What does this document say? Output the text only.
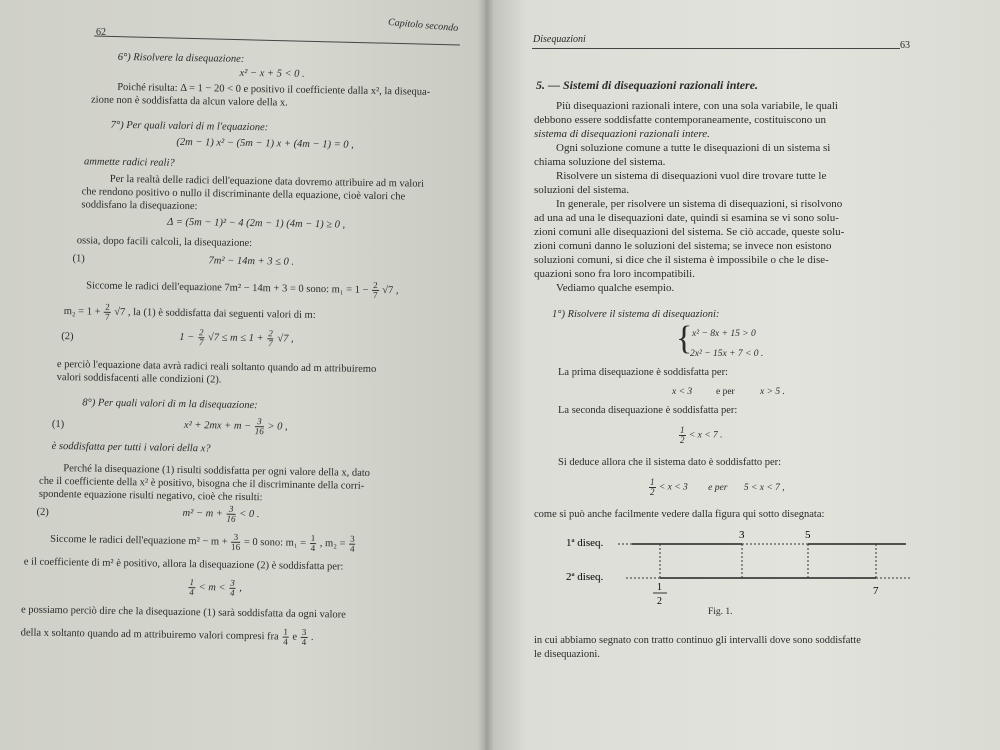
62	Capitolo secondo
6°) Risolvere la disequazione:
x² − x + 5 < 0 .
Poiché risulta: Δ = 1 − 20 < 0 e positivo il coefficiente dalla x², la disequa-
zione non è soddisfatta da alcun valore della x.
7°) Per quali valori di m l'equazione:
(2m − 1) x² − (5m − 1) x + (4m − 1) = 0 ,
ammette radici reali?
Per la realtà delle radici dell'equazione data dovremo attribuire ad m valori
che rendono positivo o nullo il discriminante della equazione, cioè valori che
soddisfano la disequazione:
Δ = (5m − 1)² − 4 (2m − 1) (4m − 1) ≥ 0 ,
ossia, dopo facili calcoli, la disequazione:
(1)	7m² − 14m + 3 ≤ 0 .
Siccome le radici dell'equazione 7m² − 14m + 3 = 0 sono: $m_1 = 1 - \frac{2}{7} √7$ ,
$m_2 = 1 + \frac{2}{7} √7$ , la (1) è soddisfatta dai seguenti valori di m:
(2)	$1 - \frac{2}{7} √7 \le m \le 1 + \frac{2}{7} √7$ ,
e perciò l'equazione data avrà radici reali soltanto quando ad m attribuiremo
valori soddisfacenti alle condizioni (2).
8°) Per quali valori di m la disequazione:
(1)	$x^2 + 2mx + m - \frac{3}{16} > 0$ ,
è soddisfatta per tutti i valori della x?
Perché la disequazione (1) risulti soddisfatta per ogni valore della x, dato
che il coefficiente della x² è positivo, bisogna che il discriminante della corri-
spondente equazione risulti negativo, cioè che risulti:
(2)	$m^2 - m + \frac{3}{16} < 0$ .
Siccome le radici dell'equazione $m^2 - m + \frac{3}{16} = 0$ sono: $m_1 = \frac{1}{4}$ , $m_2 = \frac{3}{4}$
e il coefficiente di m² è positivo, allora la disequazione (2) è soddisfatta per:
$\frac{1}{4} < m < \frac{3}{4}$ ,
e possiamo perciò dire che la disequazione (1) sarà soddisfatta da ogni valore
della x soltanto quando ad m attribuiremo valori compresi fra $\frac{1}{4}$ e $\frac{3}{4}$ .
Disequazioni
63
5. — Sistemi di disequazioni razionali intere.
Più disequazioni razionali intere, con una sola variabile, le quali
debbono essere soddisfatte contemporaneamente, costituiscono un
sistema di disequazioni razionali intere.
Ogni soluzione comune a tutte le disequazioni di un sistema si
chiama soluzione del sistema.
Risolvere un sistema di disequazioni vuol dire trovare tutte le
soluzioni del sistema.
In generale, per risolvere un sistema di disequazioni, si risolvono
ad una ad una le disequazioni date, quindi si esamina se vi sono solu-
zioni comuni alle disequazioni del sistema. Se ciò accade, queste solu-
zioni comuni danno le soluzioni del sistema; se invece non esistono
soluzioni comuni, si dice che il sistema è impossibile o che le dise-
quazioni sono fra loro incompatibili.
Vediamo qualche esempio.
1°) Risolvere il sistema di disequazioni:
{ x² − 8x + 15 > 0
2x² − 15x + 7 < 0 .
La prima disequazione è soddisfatta per:
x < 3	e per	x > 5 .
La seconda disequazione è soddisfatta per:
$\frac{1}{2} < x < 7$ .
Si deduce allora che il sistema dato è soddisfatto per:
$\frac{1}{2} < x < 3$ e per 5 < x < 7 ,
come si può anche facilmente vedere dalla figura qui sotto disegnata:
1ª diseq.
2ª diseq.
3	5
1
2
7
Fig. 1.
in cui abbiamo segnato con tratto continuo gli intervalli dove sono soddisfatte
le disequazioni.
